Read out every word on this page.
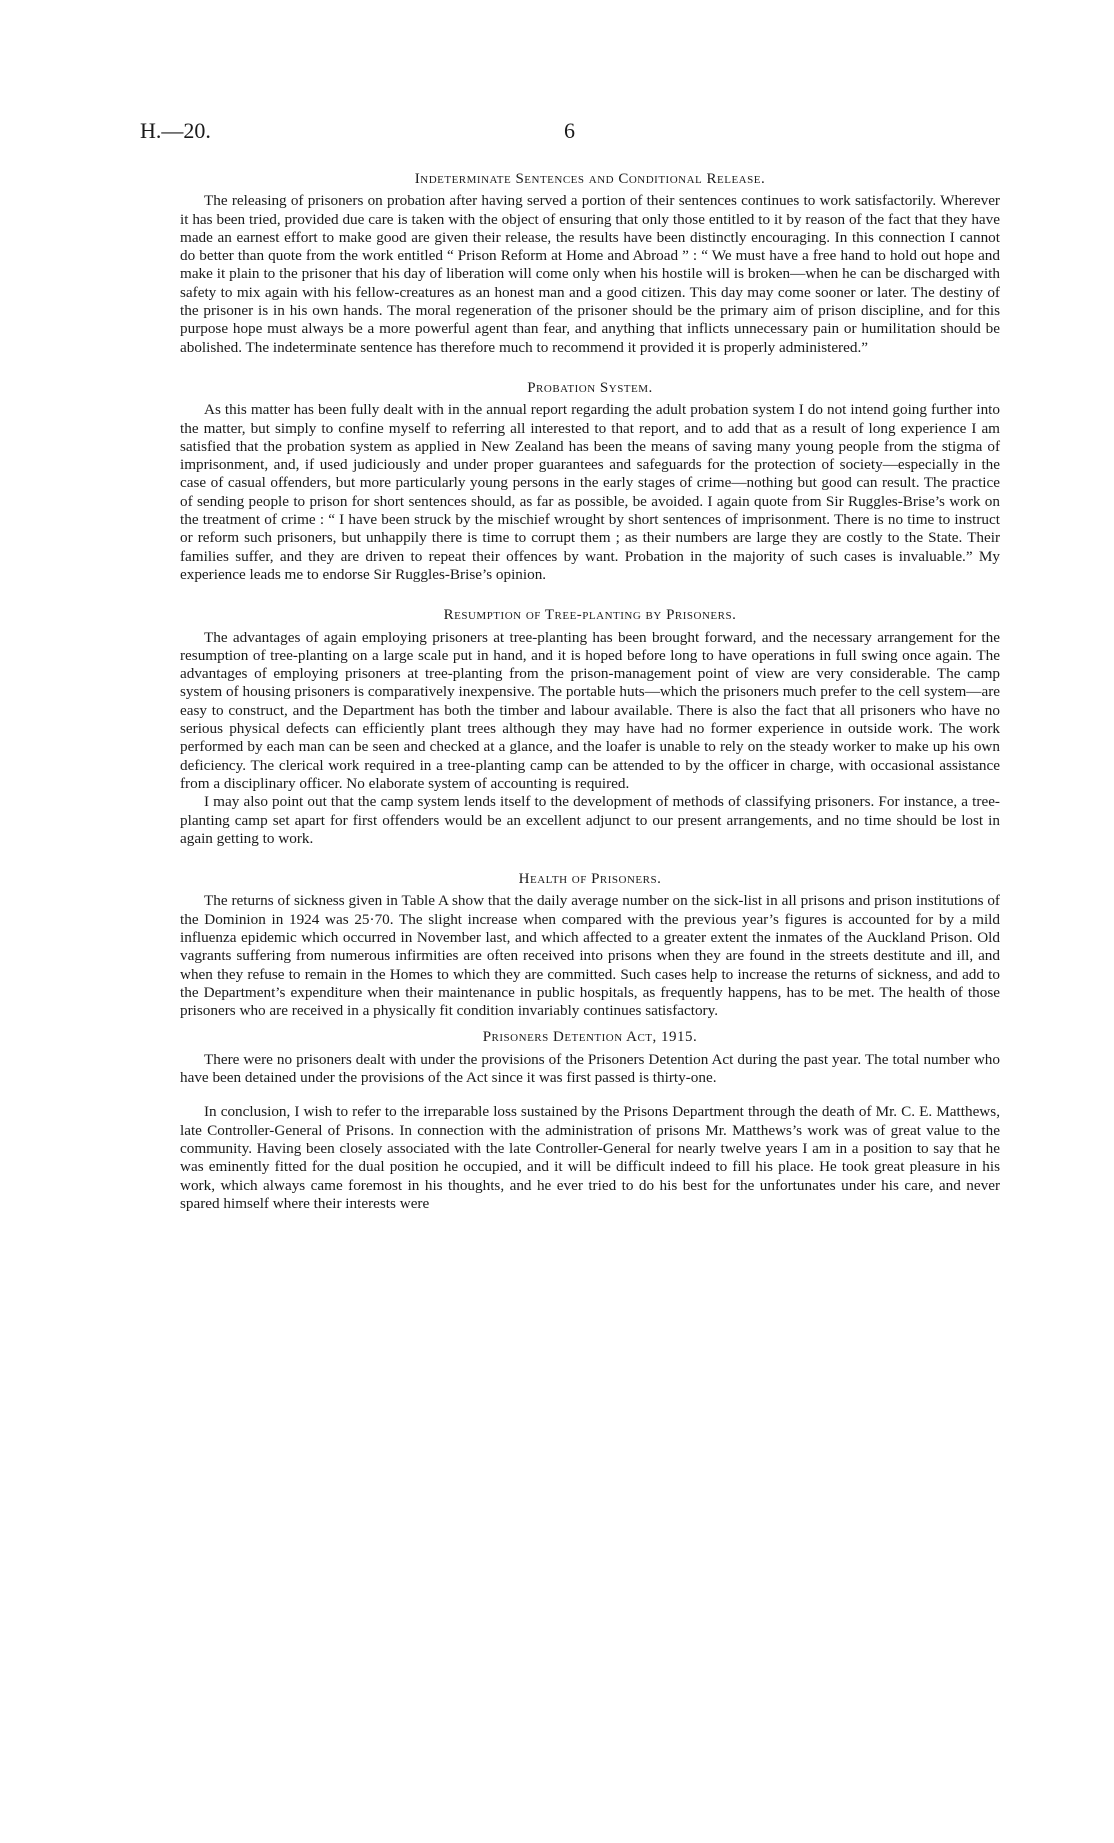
H.—20.	6
Indeterminate Sentences and Conditional Release.

The releasing of prisoners on probation after having served a portion of their sentences continues to work satisfactorily. Wherever it has been tried, provided due care is taken with the object of ensuring that only those entitled to it by reason of the fact that they have made an earnest effort to make good are given their release, the results have been distinctly encouraging. In this connection I cannot do better than quote from the work entitled “ Prison Reform at Home and Abroad ” : “ We must have a free hand to hold out hope and make it plain to the prisoner that his day of liberation will come only when his hostile will is broken—when he can be discharged with safety to mix again with his fellow-creatures as an honest man and a good citizen. This day may come sooner or later. The destiny of the prisoner is in his own hands. The moral regeneration of the prisoner should be the primary aim of prison discipline, and for this purpose hope must always be a more powerful agent than fear, and anything that inflicts unnecessary pain or humilitation should be abolished. The indeterminate sentence has therefore much to recommend it provided it is properly administered.”

Probation System.

As this matter has been fully dealt with in the annual report regarding the adult probation system I do not intend going further into the matter, but simply to confine myself to referring all interested to that report, and to add that as a result of long experience I am satisfied that the probation system as applied in New Zealand has been the means of saving many young people from the stigma of imprisonment, and, if used judiciously and under proper guarantees and safeguards for the protection of society—especially in the case of casual offenders, but more particularly young persons in the early stages of crime—nothing but good can result. The practice of sending people to prison for short sentences should, as far as possible, be avoided. I again quote from Sir Ruggles-Brise’s work on the treatment of crime : “ I have been struck by the mischief wrought by short sentences of imprisonment. There is no time to instruct or reform such prisoners, but unhappily there is time to corrupt them ; as their numbers are large they are costly to the State. Their families suffer, and they are driven to repeat their offences by want. Probation in the majority of such cases is invaluable.” My experience leads me to endorse Sir Ruggles-Brise’s opinion.

Resumption of Tree-planting by Prisoners.

The advantages of again employing prisoners at tree-planting has been brought forward, and the necessary arrangement for the resumption of tree-planting on a large scale put in hand, and it is hoped before long to have operations in full swing once again. The advantages of employing prisoners at tree-planting from the prison-management point of view are very considerable. The camp system of housing prisoners is comparatively inexpensive. The portable huts—which the prisoners much prefer to the cell system—are easy to construct, and the Department has both the timber and labour available. There is also the fact that all prisoners who have no serious physical defects can efficiently plant trees although they may have had no former experience in outside work. The work performed by each man can be seen and checked at a glance, and the loafer is unable to rely on the steady worker to make up his own deficiency. The clerical work required in a tree-planting camp can be attended to by the officer in charge, with occasional assistance from a disciplinary officer. No elaborate system of accounting is required.

I may also point out that the camp system lends itself to the development of methods of classifying prisoners. For instance, a tree-planting camp set apart for first offenders would be an excellent adjunct to our present arrangements, and no time should be lost in again getting to work.

Health of Prisoners.

The returns of sickness given in Table A show that the daily average number on the sick-list in all prisons and prison institutions of the Dominion in 1924 was 25·70. The slight increase when compared with the previous year’s figures is accounted for by a mild influenza epidemic which occurred in November last, and which affected to a greater extent the inmates of the Auckland Prison. Old vagrants suffering from numerous infirmities are often received into prisons when they are found in the streets destitute and ill, and when they refuse to remain in the Homes to which they are committed. Such cases help to increase the returns of sickness, and add to the Department’s expenditure when their maintenance in public hospitals, as frequently happens, has to be met. The health of those prisoners who are received in a physically fit condition invariably continues satisfactory.

Prisoners Detention Act, 1915.

There were no prisoners dealt with under the provisions of the Prisoners Detention Act during the past year. The total number who have been detained under the provisions of the Act since it was first passed is thirty-one.

In conclusion, I wish to refer to the irreparable loss sustained by the Prisons Department through the death of Mr. C. E. Matthews, late Controller-General of Prisons. In connection with the administration of prisons Mr. Matthews’s work was of great value to the community. Having been closely associated with the late Controller-General for nearly twelve years I am in a position to say that he was eminently fitted for the dual position he occupied, and it will be difficult indeed to fill his place. He took great pleasure in his work, which always came foremost in his thoughts, and he ever tried to do his best for the unfortunates under his care, and never spared himself where their interests were
